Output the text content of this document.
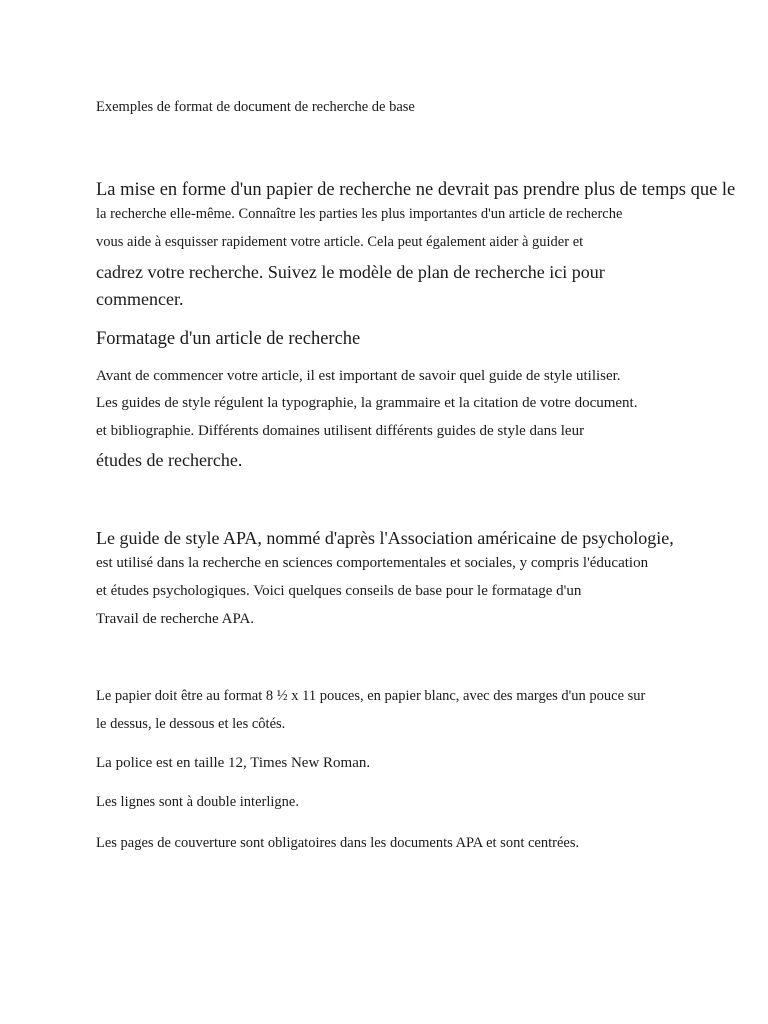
Exemples de format de document de recherche de base
La mise en forme d'un papier de recherche ne devrait pas prendre plus de temps que le
la recherche elle-même. Connaître les parties les plus importantes d'un article de recherche
vous aide à esquisser rapidement votre article. Cela peut également aider à guider et
cadrez votre recherche. Suivez le modèle de plan de recherche ici pour
commencer.
Formatage d'un article de recherche
Avant de commencer votre article, il est important de savoir quel guide de style utiliser.
Les guides de style régulent la typographie, la grammaire et la citation de votre document.
et bibliographie. Différents domaines utilisent différents guides de style dans leur
études de recherche.
Le guide de style APA, nommé d'après l'Association américaine de psychologie,
est utilisé dans la recherche en sciences comportementales et sociales, y compris l'éducation
et études psychologiques. Voici quelques conseils de base pour le formatage d'un
Travail de recherche APA.
Le papier doit être au format 8 ½ x 11 pouces, en papier blanc, avec des marges d'un pouce sur
le dessus, le dessous et les côtés.
La police est en taille 12, Times New Roman.
Les lignes sont à double interligne.
Les pages de couverture sont obligatoires dans les documents APA et sont centrées.
